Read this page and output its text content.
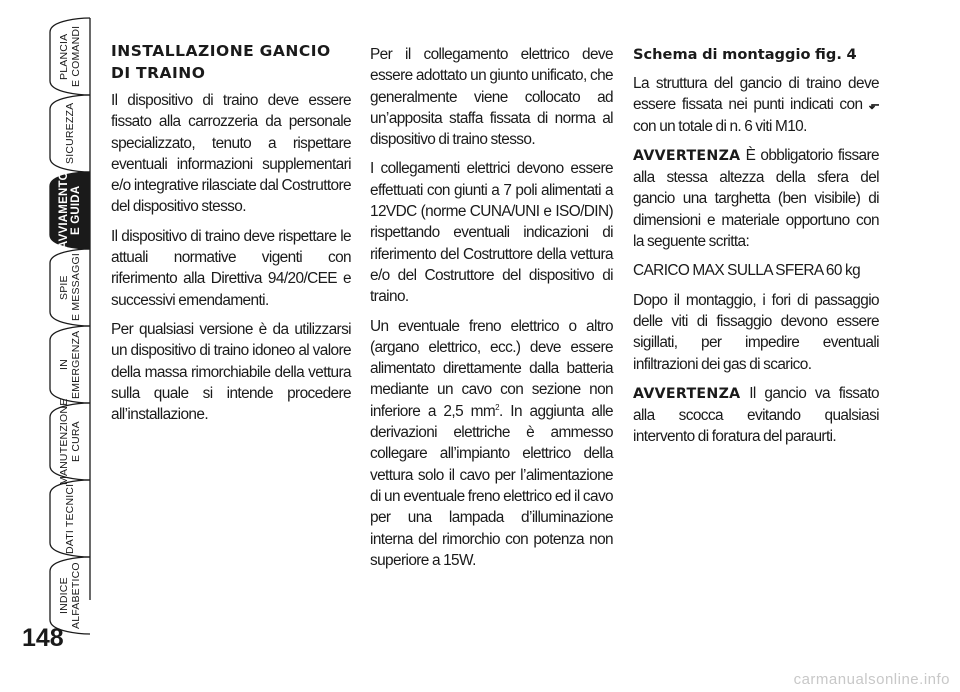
PLANCIA
E COMANDI
SICUREZZA
AVVIAMENTO
E GUIDA
SPIE
E MESSAGGI
IN EMERGENZA
MANUTENZIONE
E CURA
DATI TECNICI
INDICE
ALFABETICO
148
INSTALLAZIONE GANCIO
DI TRAINO

Il dispositivo di traino deve essere fissato alla carrozzeria da personale specializzato, tenuto a rispettare eventuali informazioni supplementari e/o integrative rilasciate dal Costruttore del dispositivo stesso.

Il dispositivo di traino deve rispettare le attuali normative vigenti con riferimento alla Direttiva 94/20/CEE e successivi emendamenti.

Per qualsiasi versione è da utilizzarsi un dispositivo di traino idoneo al valore della massa rimorchiabile della vettura sulla quale si intende procedere all’installazione.

Per il collegamento elettrico deve essere adottato un giunto unificato, che generalmente viene collocato ad un’apposita staffa fissata di norma al dispositivo di traino stesso.

I collegamenti elettrici devono essere effettuati con giunti a 7 poli alimentati a 12VDC (norme CUNA/UNI e ISO/DIN) rispettando eventuali indicazioni di riferimento del Costruttore della vettura e/o del Costruttore del dispositivo di traino.

Un eventuale freno elettrico o altro (argano elettrico, ecc.) deve essere alimentato direttamente dalla batteria mediante un cavo con sezione non inferiore a 2,5 $mm^2$. In aggiunta alle derivazioni elettriche è ammesso collegare all’impianto elettrico della vettura solo il cavo per l’alimentazione di un eventuale freno elettrico ed il cavo per una lampada d’illuminazione interna del rimorchio con potenza non superiore a 15W.

Schema di montaggio fig. 4

La struttura del gancio di traino deve essere fissata nei punti indicati con ⬐ con un totale di n. 6 viti M10.

AVVERTENZA È obbligatorio fissare alla stessa altezza della sfera del gancio una targhetta (ben visibile) di dimensioni e materiale opportuno con la seguente scritta:

CARICO MAX SULLA SFERA 60 kg

Dopo il montaggio, i fori di passaggio delle viti di fissaggio devono essere sigillati, per impedire eventuali infiltrazioni dei gas di scarico.

AVVERTENZA Il gancio va fissato alla scocca evitando qualsiasi intervento di foratura del paraurti.

carmanualsonline.info
